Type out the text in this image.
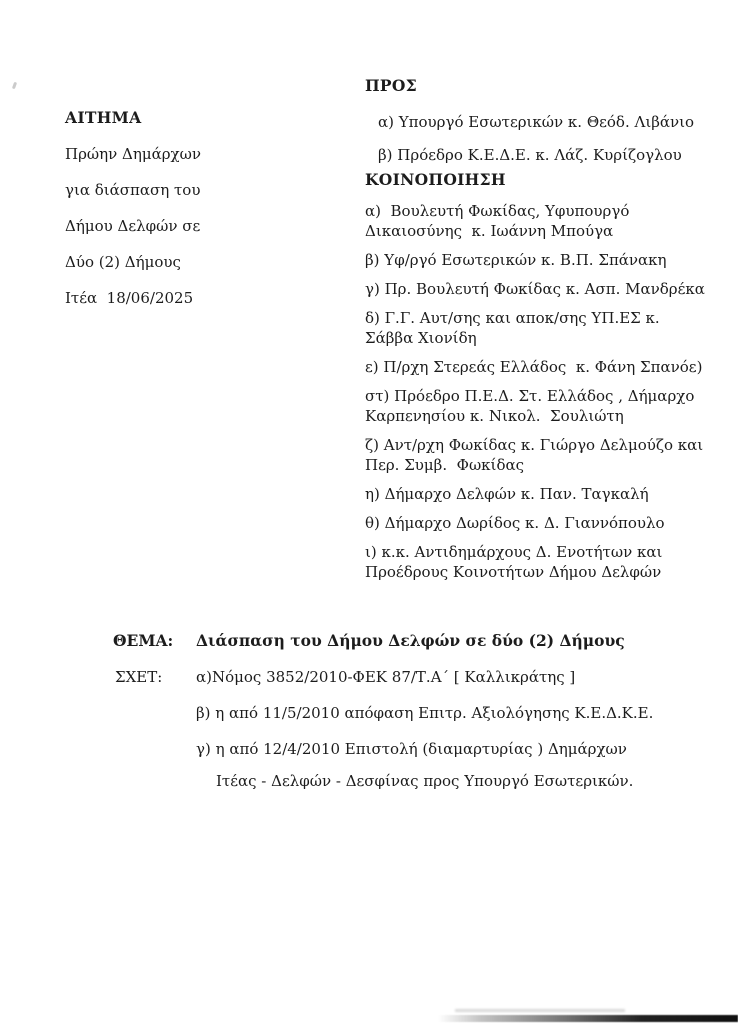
ΑΙΤΗΜΑ

Πρώην Δημάρχων

για διάσπαση του

Δήμου Δελφών σε

Δύο (2) Δήμους

Ιτέα  18/06/2025

ΠΡΟΣ

α) Υπουργό Εσωτερικών κ. Θεόδ. Λιβάνιο

β) Πρόεδρο Κ.Ε.Δ.Ε. κ. Λάζ. Κυρίζογλου

ΚΟΙΝΟΠΟΙΗΣΗ

α)  Βουλευτή Φωκίδας, Υφυπουργό Δικαιοσύνης  κ. Ιωάννη Μπούγα

β) Υφ/ργό Εσωτερικών κ. Β.Π. Σπάνακη

γ) Πρ. Βουλευτή Φωκίδας κ. Ασπ. Μανδρέκα

δ) Γ.Γ. Αυτ/σης και αποκ/σης ΥΠ.ΕΣ κ. Σάββα Χιονίδη

ε) Π/ρχη Στερεάς Ελλάδος  κ. Φάνη Σπανόε)

στ) Πρόεδρο Π.Ε.Δ. Στ. Ελλάδος , Δήμαρχο Καρπενησίου κ. Νικολ.  Σουλιώτη

ζ) Αντ/ρχη Φωκίδας κ. Γιώργο Δελμούζο και Περ. Συμβ.  Φωκίδας

η) Δήμαρχο Δελφών κ. Παν. Ταγκαλή

θ) Δήμαρχο Δωρίδος κ. Δ. Γιαννόπουλο

ι) κ.κ. Αντιδημάρχους Δ. Ενοτήτων και Προέδρους Κοινοτήτων Δήμου Δελφών

ΘΕΜΑ:	Διάσπαση του Δήμου Δελφών σε δύο (2) Δήμους
ΣΧΕΤ:	α)Νόμος 3852/2010-ΦΕΚ 87/Τ.Α΄ [ Καλλικράτης ]

β) η από 11/5/2010 απόφαση Επιτρ. Αξιολόγησης Κ.Ε.Δ.Κ.Ε.

γ) η από 12/4/2010 Επιστολή (διαμαρτυρίας ) Δημάρχων

Ιτέας - Δελφών - Δεσφίνας προς Υπουργό Εσωτερικών.
